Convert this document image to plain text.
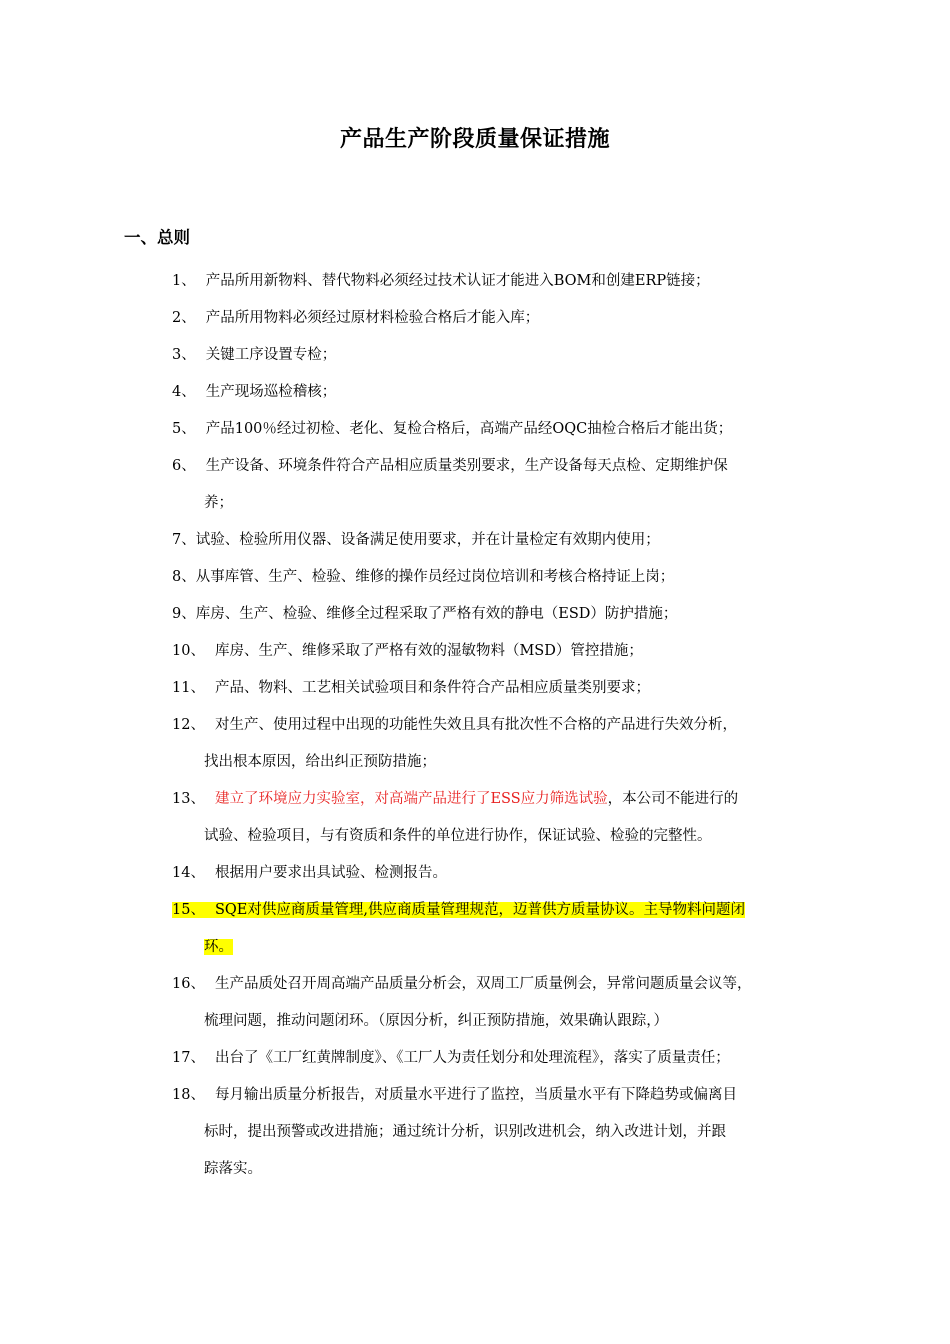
产品生产阶段质量保证措施
一、总则
1、 产品所用新物料、替代物料必须经过技术认证才能进入BOM和创建ERP链接；
2、 产品所用物料必须经过原材料检验合格后才能入库；
3、 关键工序设置专检；
4、 生产现场巡检稽核；
5、 产品100％经过初检、老化、复检合格后，高端产品经OQC抽检合格后才能出货；
6、 生产设备、环境条件符合产品相应质量类别要求，生产设备每天点检、定期维护保
养；
7、试验、检验所用仪器、设备满足使用要求，并在计量检定有效期内使用；
8、从事库管、生产、检验、维修的操作员经过岗位培训和考核合格持证上岗；
9、库房、生产、检验、维修全过程采取了严格有效的静电（ESD）防护措施；
10、 库房、生产、维修采取了严格有效的湿敏物料（MSD）管控措施；
11、 产品、物料、工艺相关试验项目和条件符合产品相应质量类别要求；
12、 对生产、使用过程中出现的功能性失效且具有批次性不合格的产品进行失效分析，
找出根本原因，给出纠正预防措施；
13、 建立了环境应力实验室，对高端产品进行了ESS应力筛选试验，本公司不能进行的
试验、检验项目，与有资质和条件的单位进行协作，保证试验、检验的完整性。
14、 根据用户要求出具试验、检测报告。
15、 SQE对供应商质量管理,供应商质量管理规范，迈普供方质量协议。主导物料问题闭
环。
16、 生产品质处召开周高端产品质量分析会，双周工厂质量例会，异常问题质量会议等，
梳理问题，推动问题闭环。（原因分析，纠正预防措施，效果确认跟踪，）
17、 出台了《工厂红黄牌制度》、《工厂人为责任划分和处理流程》，落实了质量责任；
18、 每月输出质量分析报告，对质量水平进行了监控，当质量水平有下降趋势或偏离目
标时，提出预警或改进措施；通过统计分析，识别改进机会，纳入改进计划，并跟
踪落实。
